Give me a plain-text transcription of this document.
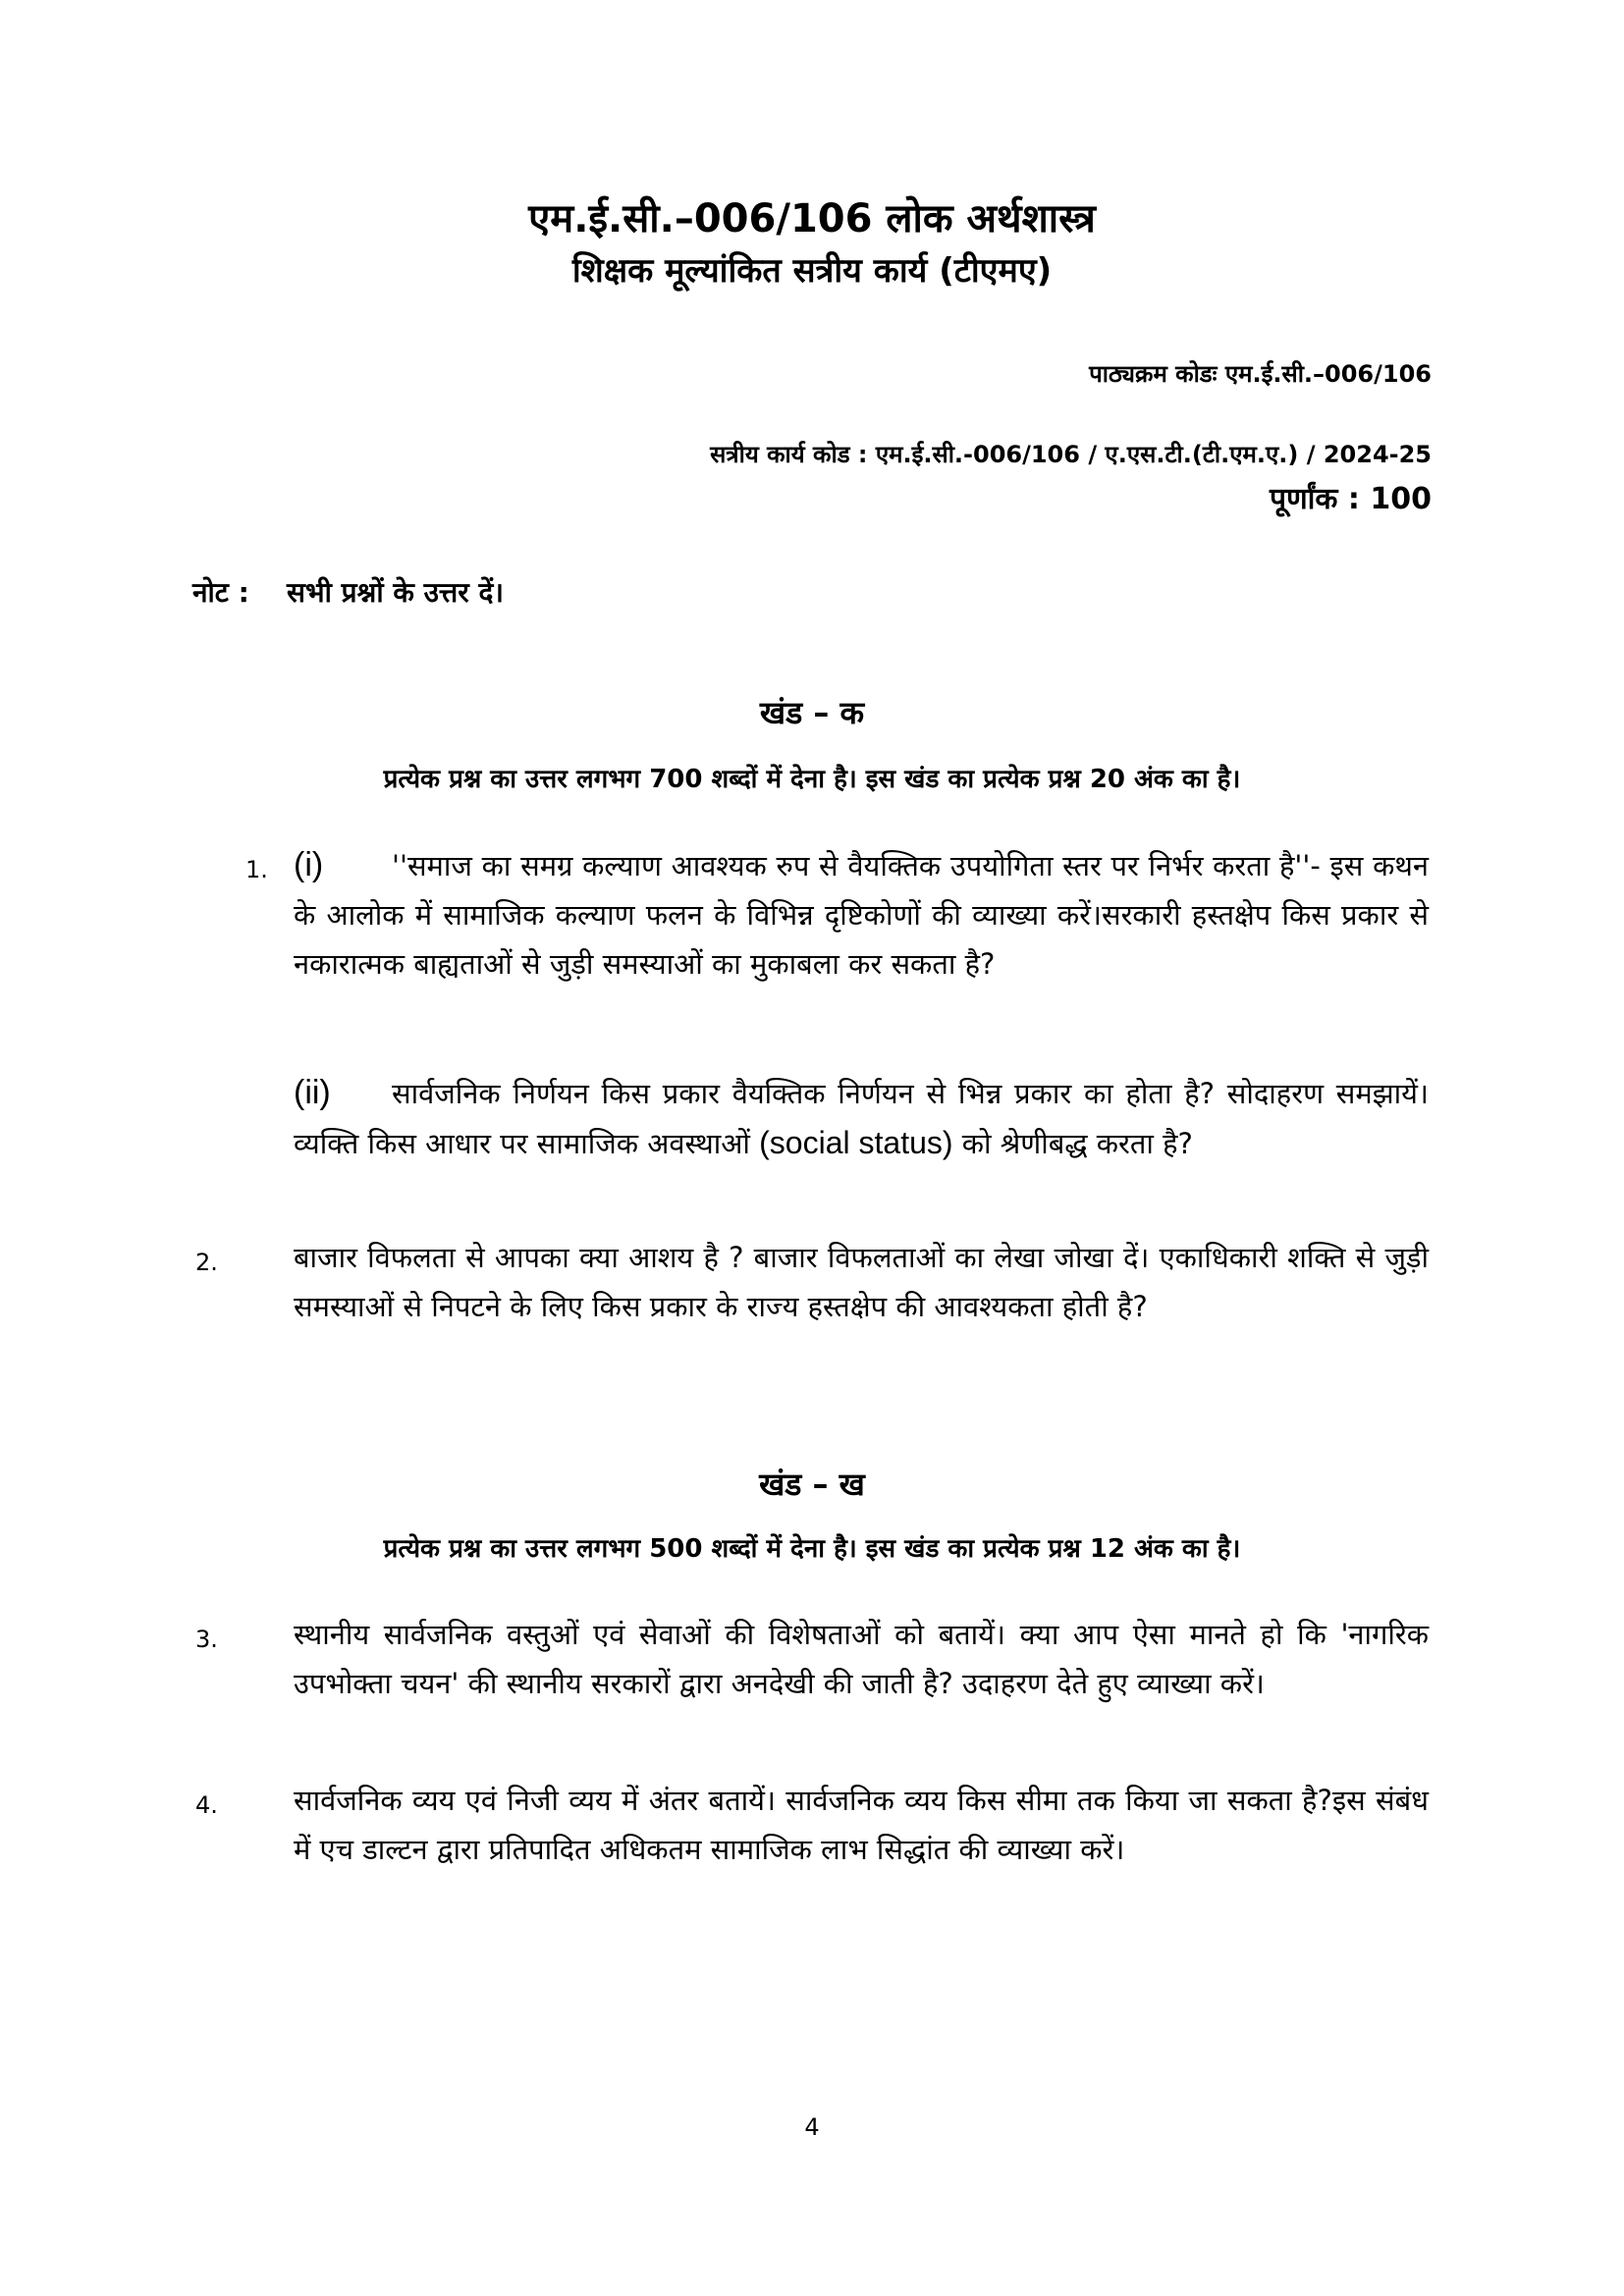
एम.ई.सी.–006/106 लोक अर्थशास्त्र
शिक्षक मूल्यांकित सत्रीय कार्य (टीएमए)
पाठ्यक्रम कोडः एम.ई.सी.–006/106
सत्रीय कार्य कोड : एम.ई.सी.-006/106 / ए.एस.टी.(टी.एम.ए.) / 2024-25
पूर्णांक : 100
नोट : सभी प्रश्नों के उत्तर दें।
खंड – क
प्रत्येक प्रश्न का उत्तर लगभग 700 शब्दों में देना है। इस खंड का प्रत्येक प्रश्न 20 अंक का है।
1. (i) ''समाज का समग्र कल्याण आवश्यक रुप से वैयक्तिक उपयोगिता स्तर पर निर्भर करता है''- इस कथन के आलोक में सामाजिक कल्याण फलन के विभिन्न दृष्टिकोणों की व्याख्या करें।सरकारी हस्तक्षेप किस प्रकार से नकारात्मक बाह्यताओं से जुड़ी समस्याओं का मुकाबला कर सकता है?
(ii) सार्वजनिक निर्णयन किस प्रकार वैयक्तिक निर्णयन से भिन्न प्रकार का होता है? सोदाहरण समझायें। व्यक्ति किस आधार पर सामाजिक अवस्थाओं (social status) को श्रेणीबद्ध करता है?
2.	बाजार विफलता से आपका क्या आशय है ? बाजार विफलताओं का लेखा जोखा दें। एकाधिकारी शक्ति से जुड़ी समस्याओं से निपटने के लिए किस प्रकार के राज्य हस्तक्षेप की आवश्यकता होती है?
खंड – ख
प्रत्येक प्रश्न का उत्तर लगभग 500 शब्दों में देना है। इस खंड का प्रत्येक प्रश्न 12 अंक का है।
3.	स्थानीय सार्वजनिक वस्तुओं एवं सेवाओं की विशेषताओं को बतायें। क्या आप ऐसा मानते हो कि 'नागरिक उपभोक्ता चयन' की स्थानीय सरकारों द्वारा अनदेखी की जाती है? उदाहरण देते हुए व्याख्या करें।
4.	सार्वजनिक व्यय एवं निजी व्यय में अंतर बतायें। सार्वजनिक व्यय किस सीमा तक किया जा सकता है?इस संबंध में एच डाल्टन द्वारा प्रतिपादित अधिकतम सामाजिक लाभ सिद्धांत की व्याख्या करें।
4
